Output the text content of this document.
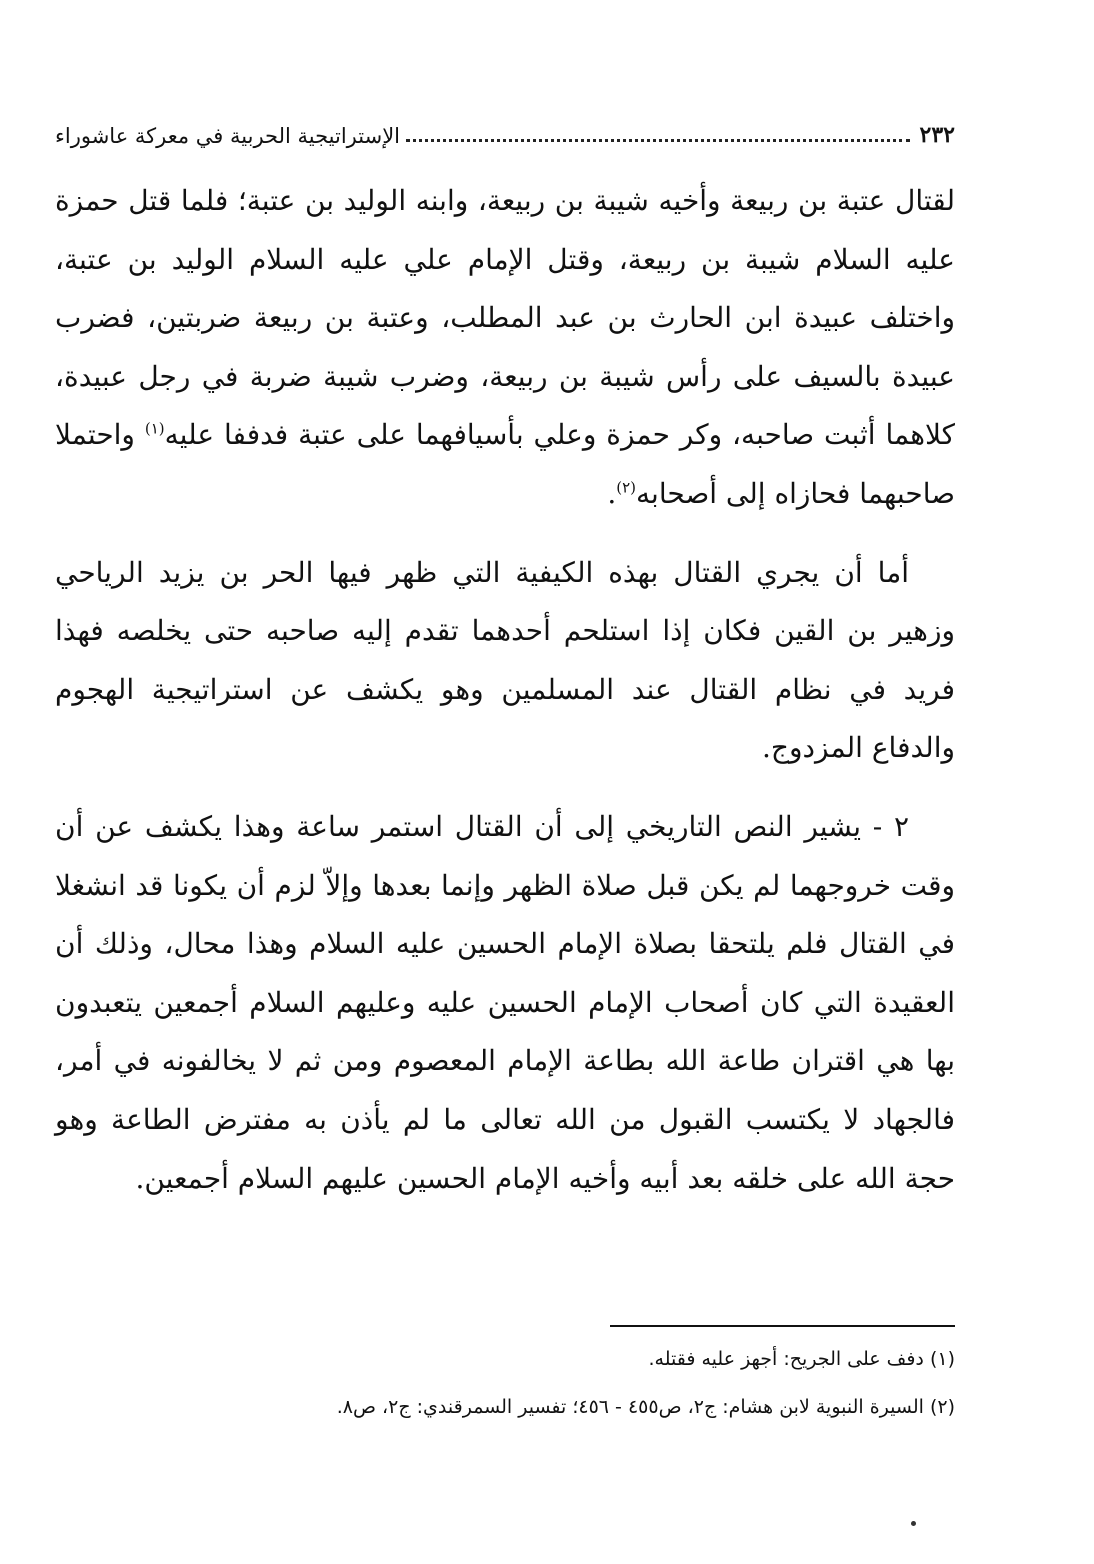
٢٣٢
الإستراتيجية الحربية في معركة عاشوراء

لقتال عتبة بن ربيعة وأخيه شيبة بن ربيعة، وابنه الوليد بن عتبة؛ فلما قتل حمزة عليه السلام شيبة بن ربيعة، وقتل الإمام علي عليه السلام الوليد بن عتبة، واختلف عبيدة ابن الحارث بن عبد المطلب، وعتبة بن ربيعة ضربتين، فضرب عبيدة بالسيف على رأس شيبة بن ربيعة، وضرب شيبة ضربة في رجل عبيدة، كلاهما أثبت صاحبه، وكر حمزة وعلي بأسيافهما على عتبة فدففا عليه$^{(١)}$ واحتملا صاحبهما فحازاه إلى أصحابه$^{(٢)}$.

أما أن يجري القتال بهذه الكيفية التي ظهر فيها الحر بن يزيد الرياحي وزهير بن القين فكان إذا استلحم أحدهما تقدم إليه صاحبه حتى يخلصه فهذا فريد في نظام القتال عند المسلمين وهو يكشف عن استراتيجية الهجوم والدفاع المزدوج.

٢ - يشير النص التاريخي إلى أن القتال استمر ساعة وهذا يكشف عن أن وقت خروجهما لم يكن قبل صلاة الظهر وإنما بعدها وإلاّ لزم أن يكونا قد انشغلا في القتال فلم يلتحقا بصلاة الإمام الحسين عليه السلام وهذا محال، وذلك أن العقيدة التي كان أصحاب الإمام الحسين عليه وعليهم السلام أجمعين يتعبدون بها هي اقتران طاعة الله بطاعة الإمام المعصوم ومن ثم لا يخالفونه في أمر، فالجهاد لا يكتسب القبول من الله تعالى ما لم يأذن به مفترض الطاعة وهو حجة الله على خلقه بعد أبيه وأخيه الإمام الحسين عليهم السلام أجمعين.

(١) دفف على الجريح: أجهز عليه فقتله.

(٢) السيرة النبوية لابن هشام: ج٢، ص٤٥٥ - ٤٥٦؛ تفسير السمرقندي: ج٢، ص٨.
